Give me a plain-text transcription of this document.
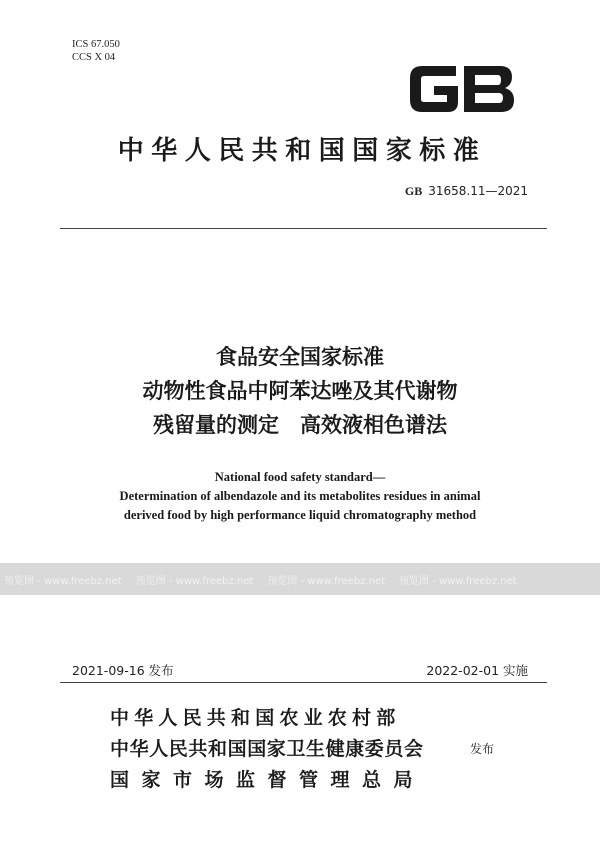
ICS 67.050
CCS X 04
中华人民共和国国家标准
GB 31658.11—2021
食品安全国家标准
动物性食品中阿苯达唑及其代谢物
残留量的测定　高效液相色谱法
National food safety standard—
Determination of albendazole and its metabolites residues in animal
derived food by high performance liquid chromatography method
预览图 - www.freebz.net 预览图 - www.freebz.net 预览图 - www.freebz.net 预览图 - www.freebz.net
2021-09-16 发布	2022-02-01 实施
中华人民共和国农业农村部
中华人民共和国国家卫生健康委员会
国家市场监督管理总局
发布
